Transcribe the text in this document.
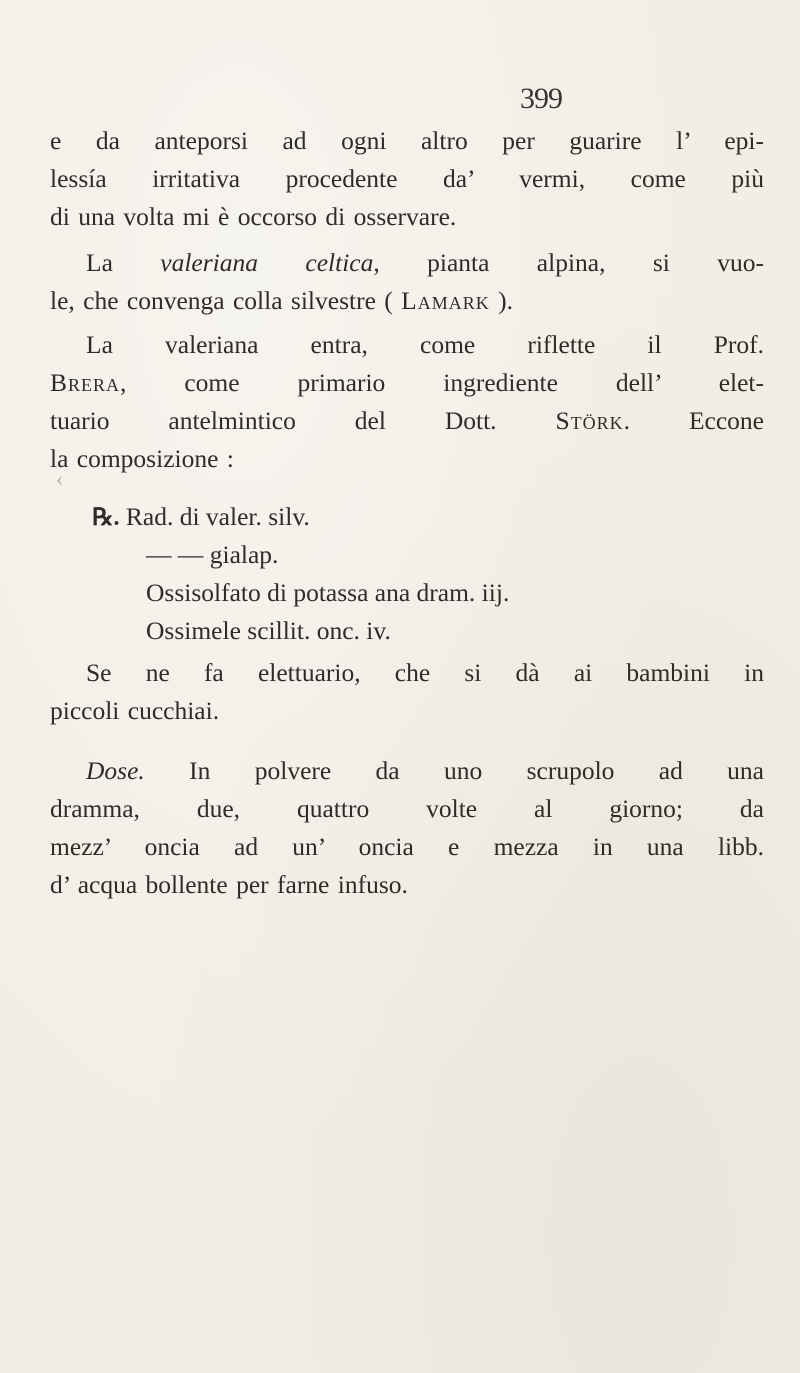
399
e da anteporsi ad ogni altro per guarire l’ epi-
lessía irritativa procedente da’ vermi, come più
di una volta mi è occorso di osservare.
La valeriana celtica, pianta alpina, si vuo-
le, che convenga colla silvestre ( Lamark ).
La valeriana entra, come riflette il Prof.
Brera, come primario ingrediente dell’ elet-
tuario antelmintico del Dott. Störk. Eccone
la composizione :
℞. Rad. di valer. silv.
— — gialap.
Ossisolfato di potassa ana dram. iij.
Ossimele scillit. onc. iv.
Se ne fa elettuario, che si dà ai bambini in
piccoli cucchiai.
Dose. In polvere da uno scrupolo ad una
dramma, due, quattro volte al giorno; da
mezz’ oncia ad un’ oncia e mezza in una libb.
d’ acqua bollente per farne infuso.
‹
